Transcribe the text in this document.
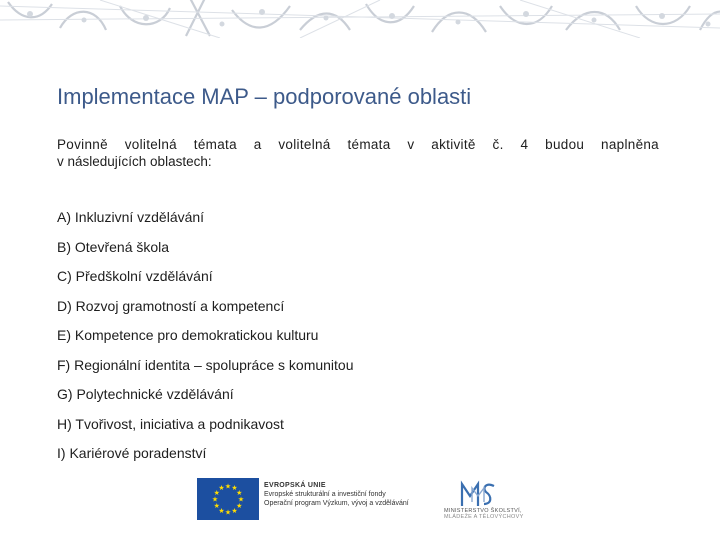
Implementace MAP – podporované oblasti
Povinně volitelná témata a volitelná témata v aktivitě č. 4 budou naplněna
v následujících oblastech:
A) Inkluzivní vzdělávání
B) Otevřená škola
C) Předškolní vzdělávání
D) Rozvoj gramotností a kompetencí
E) Kompetence pro demokratickou kulturu
F) Regionální identita – spolupráce s komunitou
G) Polytechnické vzdělávání
H) Tvořivost, iniciativa a podnikavost
I) Kariérové poradenství
★
★
★
★
★
★
★
★
★ ★ ★
★
EVROPSKÁ UNIE
Evropské strukturální a investiční fondy
Operační program Výzkum, vývoj a vzdělávání
MINISTERSTVO ŠKOLSTVÍ,
MLÁDEŽE A TĚLOVÝCHOVY
